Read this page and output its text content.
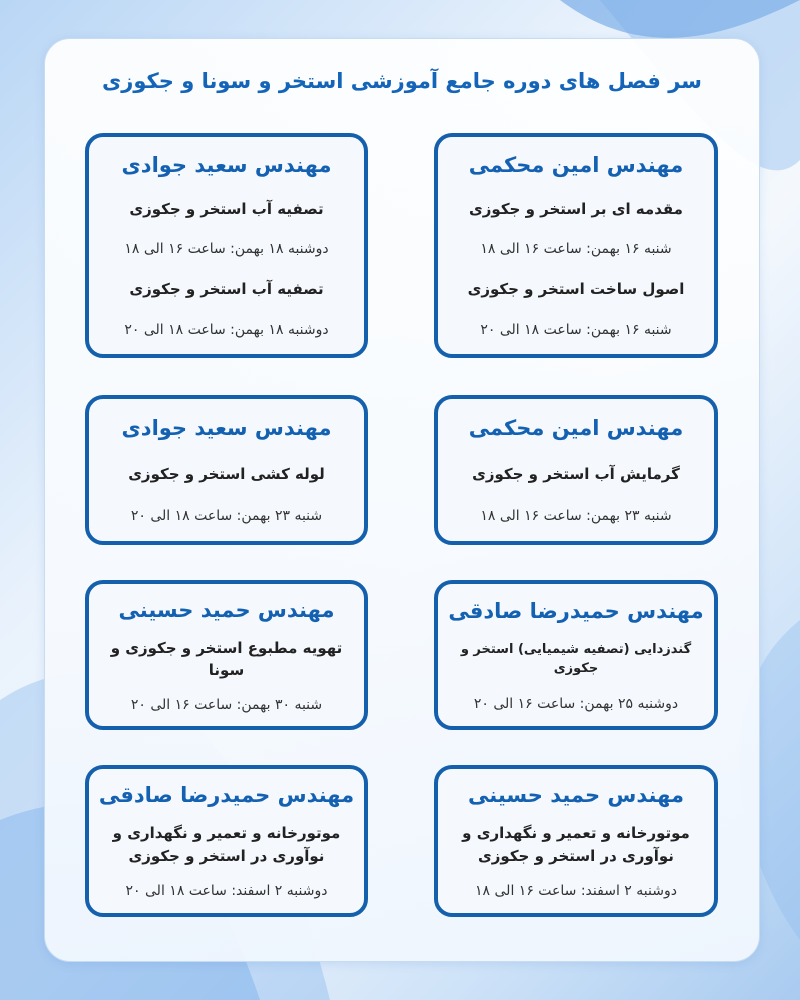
سر فصل های دوره جامع آموزشی استخر و سونا و جکوزی
مهندس امین محکمی
مقدمه ای بر استخر و جکوزی
شنبه ۱۶ بهمن: ساعت ۱۶ الی ۱۸
اصول ساخت استخر و جکوزی
شنبه ۱۶ بهمن: ساعت ۱۸ الی ۲۰
مهندس سعید جوادی
تصفیه آب استخر و جکوزی
دوشنبه ۱۸ بهمن: ساعت ۱۶ الی ۱۸
تصفیه آب استخر و جکوزی
دوشنبه ۱۸ بهمن: ساعت ۱۸ الی ۲۰
مهندس امین محکمی
گرمایش آب استخر و جکوزی
شنبه ۲۳ بهمن: ساعت ۱۶ الی ۱۸
مهندس سعید جوادی
لوله کشی استخر و جکوزی
شنبه ۲۳ بهمن: ساعت ۱۸ الی ۲۰
مهندس حمیدرضا صادقی
گندزدایی (تصفیه شیمیایی) استخر و جکوزی
دوشنبه ۲۵ بهمن: ساعت ۱۶ الی ۲۰
مهندس حمید حسینی
تهویه مطبوع استخر و جکوزی و سونا
شنبه ۳۰ بهمن: ساعت ۱۶ الی ۲۰
مهندس حمید حسینی
موتورخانه و تعمیر و نگهداری و نوآوری در استخر و جکوزی
دوشنبه ۲ اسفند: ساعت ۱۶ الی ۱۸
مهندس حمیدرضا صادقی
موتورخانه و تعمیر و نگهداری و نوآوری در استخر و جکوزی
دوشنبه ۲ اسفند: ساعت ۱۸ الی ۲۰
